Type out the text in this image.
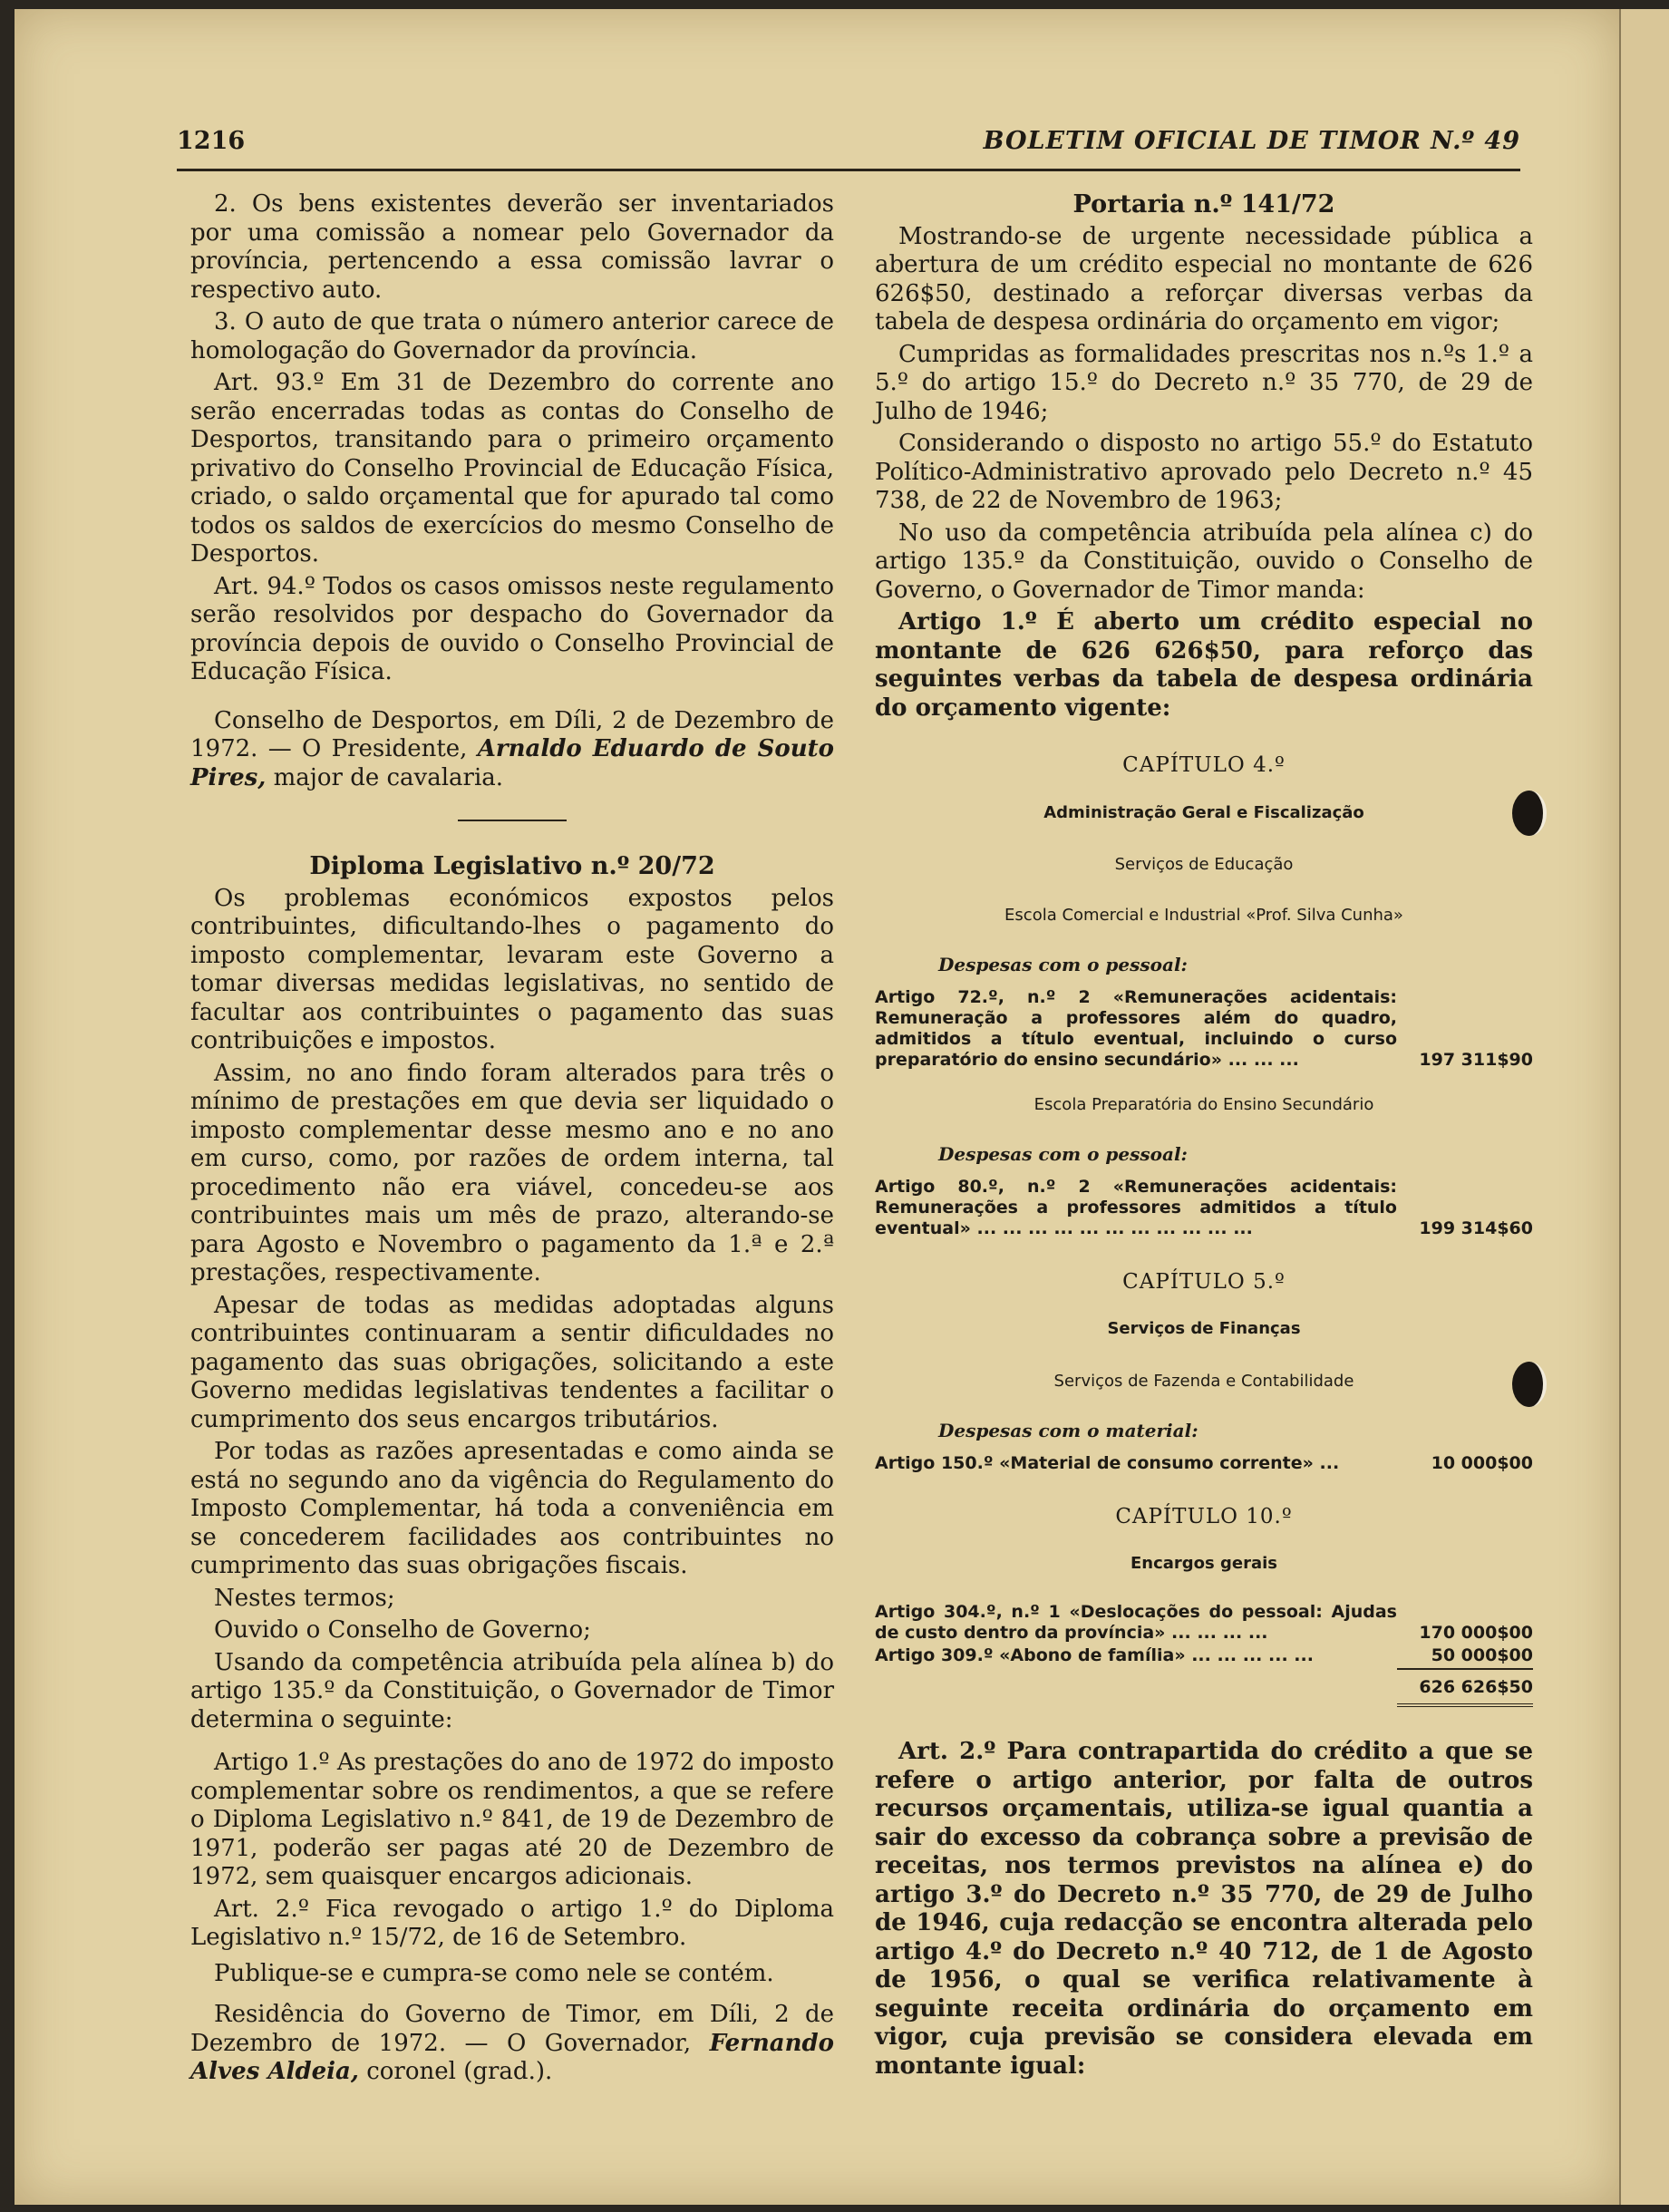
1216	BOLETIM OFICIAL DE TIMOR N.º 49

2. Os bens existentes deverão ser inventariados por uma comissão a nomear pelo Governador da província, pertencendo a essa comissão lavrar o respectivo auto.

3. O auto de que trata o número anterior carece de homologação do Governador da província.

Art. 93.º Em 31 de Dezembro do corrente ano serão encerradas todas as contas do Conselho de Desportos, transitando para o primeiro orçamento privativo do Conselho Provincial de Educação Física, criado, o saldo orçamental que for apurado tal como todos os saldos de exercícios do mesmo Conselho de Desportos.

Art. 94.º Todos os casos omissos neste regulamento serão resolvidos por despacho do Governador da província depois de ouvido o Conselho Provincial de Educação Física.

Conselho de Desportos, em Díli, 2 de Dezembro de 1972. — O Presidente, Arnaldo Eduardo de Souto Pires, major de cavalaria.

Diploma Legislativo n.º 20/72

Os problemas económicos expostos pelos contribuintes, dificultando-lhes o pagamento do imposto complementar, levaram este Governo a tomar diversas medidas legislativas, no sentido de facultar aos contribuintes o pagamento das suas contribuições e impostos.

Assim, no ano findo foram alterados para três o mínimo de prestações em que devia ser liquidado o imposto complementar desse mesmo ano e no ano em curso, como, por razões de ordem interna, tal procedimento não era viável, concedeu-se aos contribuintes mais um mês de prazo, alterando-se para Agosto e Novembro o pagamento da 1.ª e 2.ª prestações, respectivamente.

Apesar de todas as medidas adoptadas alguns contribuintes continuaram a sentir dificuldades no pagamento das suas obrigações, solicitando a este Governo medidas legislativas tendentes a facilitar o cumprimento dos seus encargos tributários.

Por todas as razões apresentadas e como ainda se está no segundo ano da vigência do Regulamento do Imposto Complementar, há toda a conveniência em se concederem facilidades aos contribuintes no cumprimento das suas obrigações fiscais.

Nestes termos;

Ouvido o Conselho de Governo;

Usando da competência atribuída pela alínea b) do artigo 135.º da Constituição, o Governador de Timor determina o seguinte:

Artigo 1.º As prestações do ano de 1972 do imposto complementar sobre os rendimentos, a que se refere o Diploma Legislativo n.º 841, de 19 de Dezembro de 1971, poderão ser pagas até 20 de Dezembro de 1972, sem quaisquer encargos adicionais.

Art. 2.º Fica revogado o artigo 1.º do Diploma Legislativo n.º 15/72, de 16 de Setembro.

Publique-se e cumpra-se como nele se contém.

Residência do Governo de Timor, em Díli, 2 de Dezembro de 1972. — O Governador, Fernando Alves Aldeia, coronel (grad.).

Portaria n.º 141/72

Mostrando-se de urgente necessidade pública a abertura de um crédito especial no montante de 626 626$50, destinado a reforçar diversas verbas da tabela de despesa ordinária do orçamento em vigor;

Cumpridas as formalidades prescritas nos n.ºs 1.º a 5.º do artigo 15.º do Decreto n.º 35 770, de 29 de Julho de 1946;

Considerando o disposto no artigo 55.º do Estatuto Político-Administrativo aprovado pelo Decreto n.º 45 738, de 22 de Novembro de 1963;

No uso da competência atribuída pela alínea c) do artigo 135.º da Constituição, ouvido o Conselho de Governo, o Governador de Timor manda:

Artigo 1.º É aberto um crédito especial no montante de 626 626$50, para reforço das seguintes verbas da tabela de despesa ordinária do orçamento vigente:

CAPÍTULO 4.º
Administração Geral e Fiscalização
Serviços de Educação
Escola Comercial e Industrial «Prof. Silva Cunha»
Despesas com o pessoal:
Artigo 72.º, n.º 2 «Remunerações acidentais: Remuneração a professores além do quadro, admitidos a título eventual, incluindo o curso preparatório do ensino secundário» ... ... ...	197 311$90
Escola Preparatória do Ensino Secundário
Despesas com o pessoal:
Artigo 80.º, n.º 2 «Remunerações acidentais: Remunerações a professores admitidos a título eventual» ... ... ... ... ... ... ... ... ... ... ...	199 314$60
CAPÍTULO 5.º
Serviços de Finanças
Serviços de Fazenda e Contabilidade
Despesas com o material:
Artigo 150.º «Material de consumo corrente» ...	10 000$00
CAPÍTULO 10.º
Encargos gerais
Artigo 304.º, n.º 1 «Deslocações do pessoal: Ajudas de custo dentro da província» ... ... ... ...	170 000$00
Artigo 309.º «Abono de família» ... ... ... ... ...	50 000$00
626 626$50

Art. 2.º Para contrapartida do crédito a que se refere o artigo anterior, por falta de outros recursos orçamentais, utiliza-se igual quantia a sair do excesso da cobrança sobre a previsão de receitas, nos termos previstos na alínea e) do artigo 3.º do Decreto n.º 35 770, de 29 de Julho de 1946, cuja redacção se encontra alterada pelo artigo 4.º do Decreto n.º 40 712, de 1 de Agosto de 1956, o qual se verifica relativamente à seguinte receita ordinária do orçamento em vigor, cuja previsão se considera elevada em montante igual:
